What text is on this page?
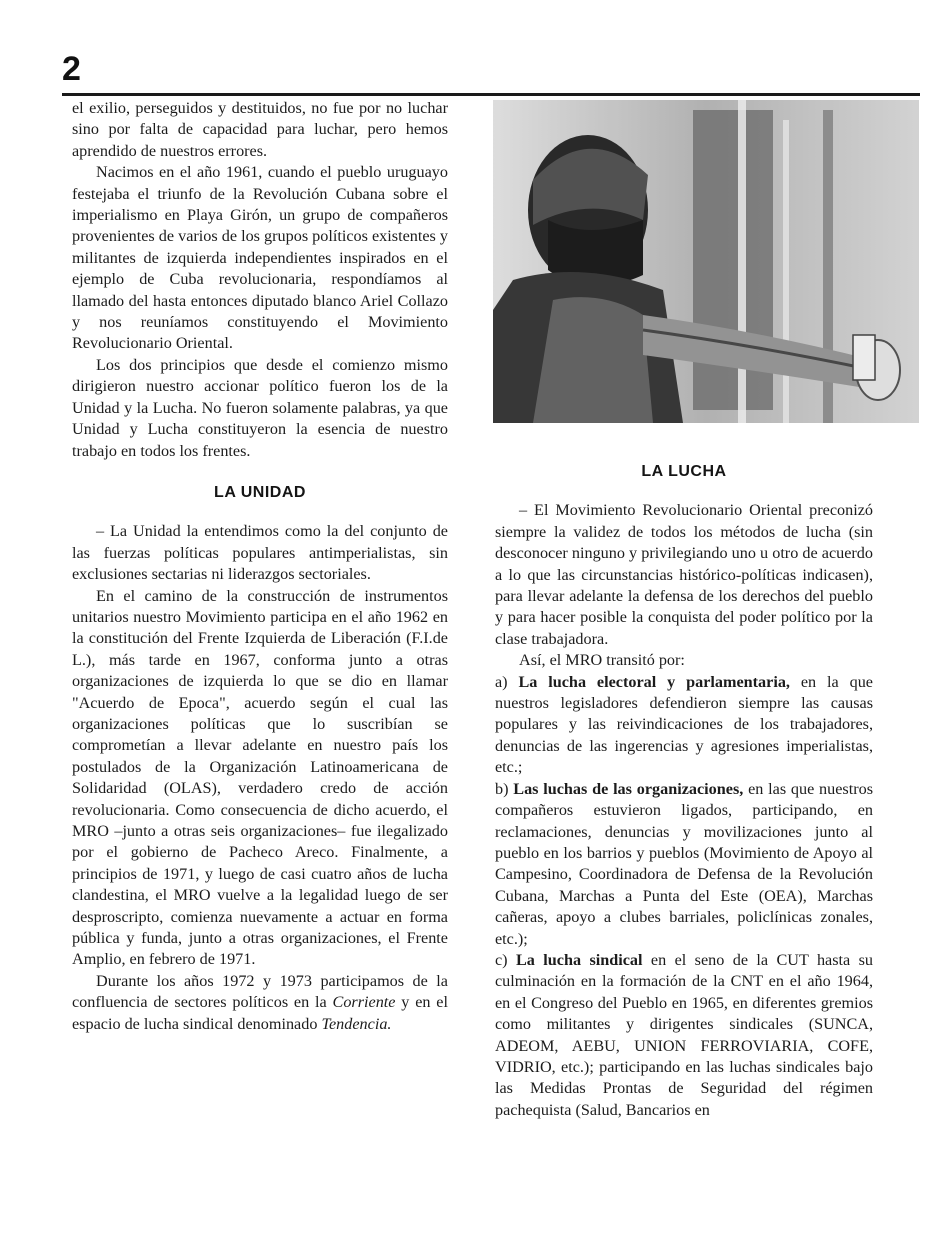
2

el exilio, perseguidos y destituidos, no fue por no luchar sino por falta de capacidad para luchar, pero hemos aprendido de nuestros errores.

Nacimos en el año 1961, cuando el pueblo uruguayo festejaba el triunfo de la Revolución Cubana sobre el imperialismo en Playa Girón, un grupo de compañeros provenientes de varios de los grupos políticos existentes y militantes de izquierda independientes inspirados en el ejemplo de Cuba revolucionaria, respondíamos al llamado del hasta entonces diputado blanco Ariel Collazo y nos reuníamos constituyendo el Movimiento Revolucionario Oriental.

Los dos principios que desde el comienzo mismo dirigieron nuestro accionar político fueron los de la Unidad y la Lucha. No fueron solamente palabras, ya que Unidad y Lucha constituyeron la esencia de nuestro trabajo en todos los frentes.

LA UNIDAD

– La Unidad la entendimos como la del conjunto de las fuerzas políticas populares antimperialistas, sin exclusiones sectarias ni liderazgos sectoriales.

En el camino de la construcción de instrumentos unitarios nuestro Movimiento participa en el año 1962 en la constitución del Frente Izquierda de Liberación (F.I.de L.), más tarde en 1967, conforma junto a otras organizaciones de izquierda lo que se dio en llamar "Acuerdo de Epoca", acuerdo según el cual las organizaciones políticas que lo suscribían se comprometían a llevar adelante en nuestro país los postulados de la Organización Latinoamericana de Solidaridad (OLAS), verdadero credo de acción revolucionaria. Como consecuencia de dicho acuerdo, el MRO –junto a otras seis organizaciones– fue ilegalizado por el gobierno de Pacheco Areco. Finalmente, a principios de 1971, y luego de casi cuatro años de lucha clandestina, el MRO vuelve a la legalidad luego de ser desproscripto, comienza nuevamente a actuar en forma pública y funda, junto a otras organizaciones, el Frente Amplio, en febrero de 1971.

Durante los años 1972 y 1973 participamos de la confluencia de sectores políticos en la Corriente y en el espacio de lucha sindical denominado Tendencia.

LA LUCHA

– El Movimiento Revolucionario Oriental preconizó siempre la validez de todos los métodos de lucha (sin desconocer ninguno y privilegiando uno u otro de acuerdo a lo que las circunstancias histórico-políticas indicasen), para llevar adelante la defensa de los derechos del pueblo y para hacer posible la conquista del poder político por la clase trabajadora.

Así, el MRO transitó por:

a) La lucha electoral y parlamentaria, en la que nuestros legisladores defendieron siempre las causas populares y las reivindicaciones de los trabajadores, denuncias de las ingerencias y agresiones imperialistas, etc.;

b) Las luchas de las organizaciones, en las que nuestros compañeros estuvieron ligados, participando, en reclamaciones, denuncias y movilizaciones junto al pueblo en los barrios y pueblos (Movimiento de Apoyo al Campesino, Coordinadora de Defensa de la Revolución Cubana, Marchas a Punta del Este (OEA), Marchas cañeras, apoyo a clubes barriales, policlínicas zonales, etc.);

c) La lucha sindical en el seno de la CUT hasta su culminación en la formación de la CNT en el año 1964, en el Congreso del Pueblo en 1965, en diferentes gremios como militantes y dirigentes sindicales (SUNCA, ADEOM, AEBU, UNION FERROVIARIA, COFE, VIDRIO, etc.); participando en las luchas sindicales bajo las Medidas Prontas de Seguridad del régimen pachequista (Salud, Bancarios en
